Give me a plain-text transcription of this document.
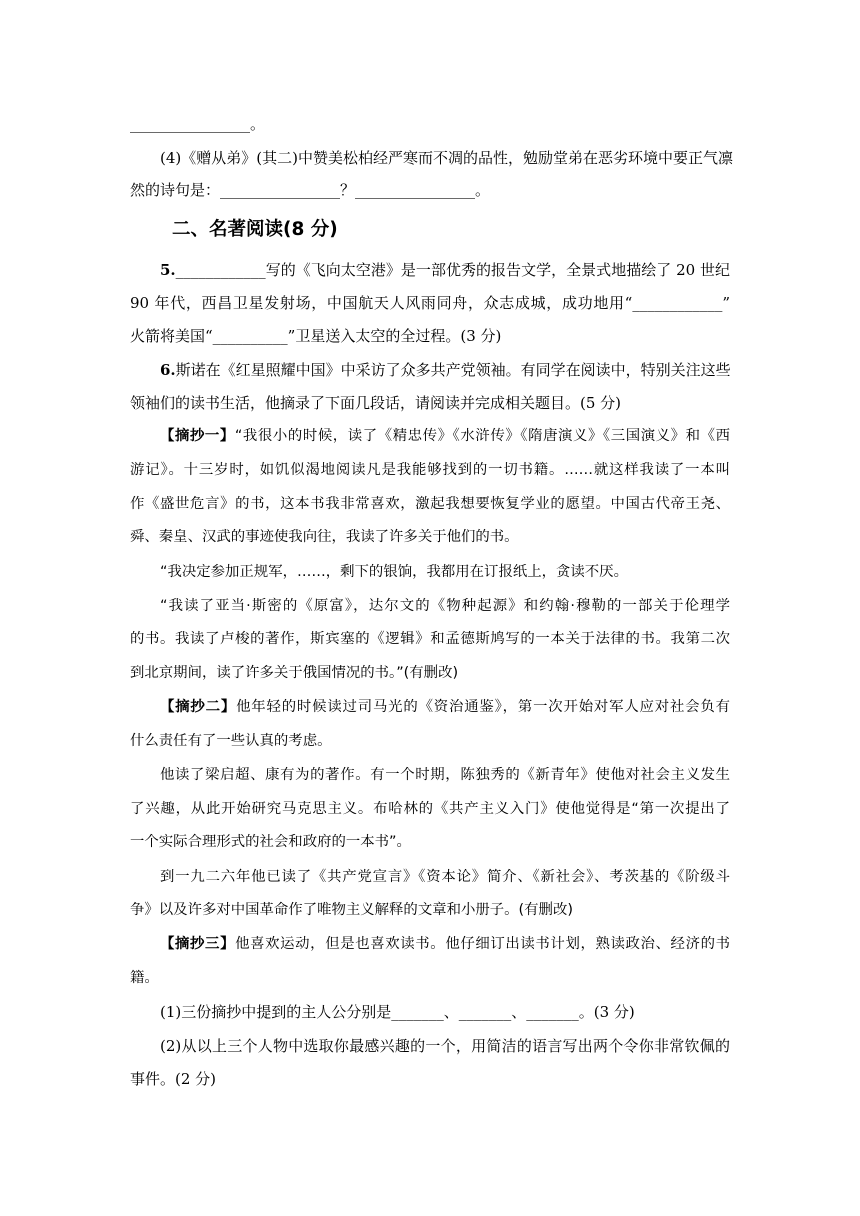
________________。
(4)《赠从弟》(其二)中赞美松柏经严寒而不凋的品性，勉励堂弟在恶劣环境中要正气凛
然的诗句是：________________？________________。
二、名著阅读(8 分)
5.____________写的《飞向太空港》是一部优秀的报告文学，全景式地描绘了 20 世纪
90 年代，西昌卫星发射场，中国航天人风雨同舟，众志成城，成功地用“____________”
火箭将美国“__________”卫星送入太空的全过程。(3 分)
6.斯诺在《红星照耀中国》中采访了众多共产党领袖。有同学在阅读中，特别关注这些
领袖们的读书生活，他摘录了下面几段话，请阅读并完成相关题目。(5 分)
【摘抄一】“我很小的时候，读了《精忠传》《水浒传》《隋唐演义》《三国演义》和《西
游记》。十三岁时，如饥似渴地阅读凡是我能够找到的一切书籍。……就这样我读了一本叫
作《盛世危言》的书，这本书我非常喜欢，激起我想要恢复学业的愿望。中国古代帝王尧、
舜、秦皇、汉武的事迹使我向往，我读了许多关于他们的书。
“我决定参加正规军，……，剩下的银饷，我都用在订报纸上，贪读不厌。
“我读了亚当·斯密的《原富》，达尔文的《物种起源》和约翰·穆勒的一部关于伦理学
的书。我读了卢梭的著作，斯宾塞的《逻辑》和孟德斯鸠写的一本关于法律的书。我第二次
到北京期间，读了许多关于俄国情况的书。”(有删改)
【摘抄二】他年轻的时候读过司马光的《资治通鉴》，第一次开始对军人应对社会负有
什么责任有了一些认真的考虑。
他读了梁启超、康有为的著作。有一个时期，陈独秀的《新青年》使他对社会主义发生
了兴趣，从此开始研究马克思主义。布哈林的《共产主义入门》使他觉得是“第一次提出了
一个实际合理形式的社会和政府的一本书”。
到一九二六年他已读了《共产党宣言》《资本论》简介、《新社会》、考茨基的《阶级斗
争》以及许多对中国革命作了唯物主义解释的文章和小册子。(有删改)
【摘抄三】他喜欢运动，但是也喜欢读书。他仔细订出读书计划，熟读政治、经济的书
籍。
(1)三份摘抄中提到的主人公分别是_______、_______、_______。(3 分)
(2)从以上三个人物中选取你最感兴趣的一个，用简洁的语言写出两个令你非常钦佩的
事件。(2 分)
